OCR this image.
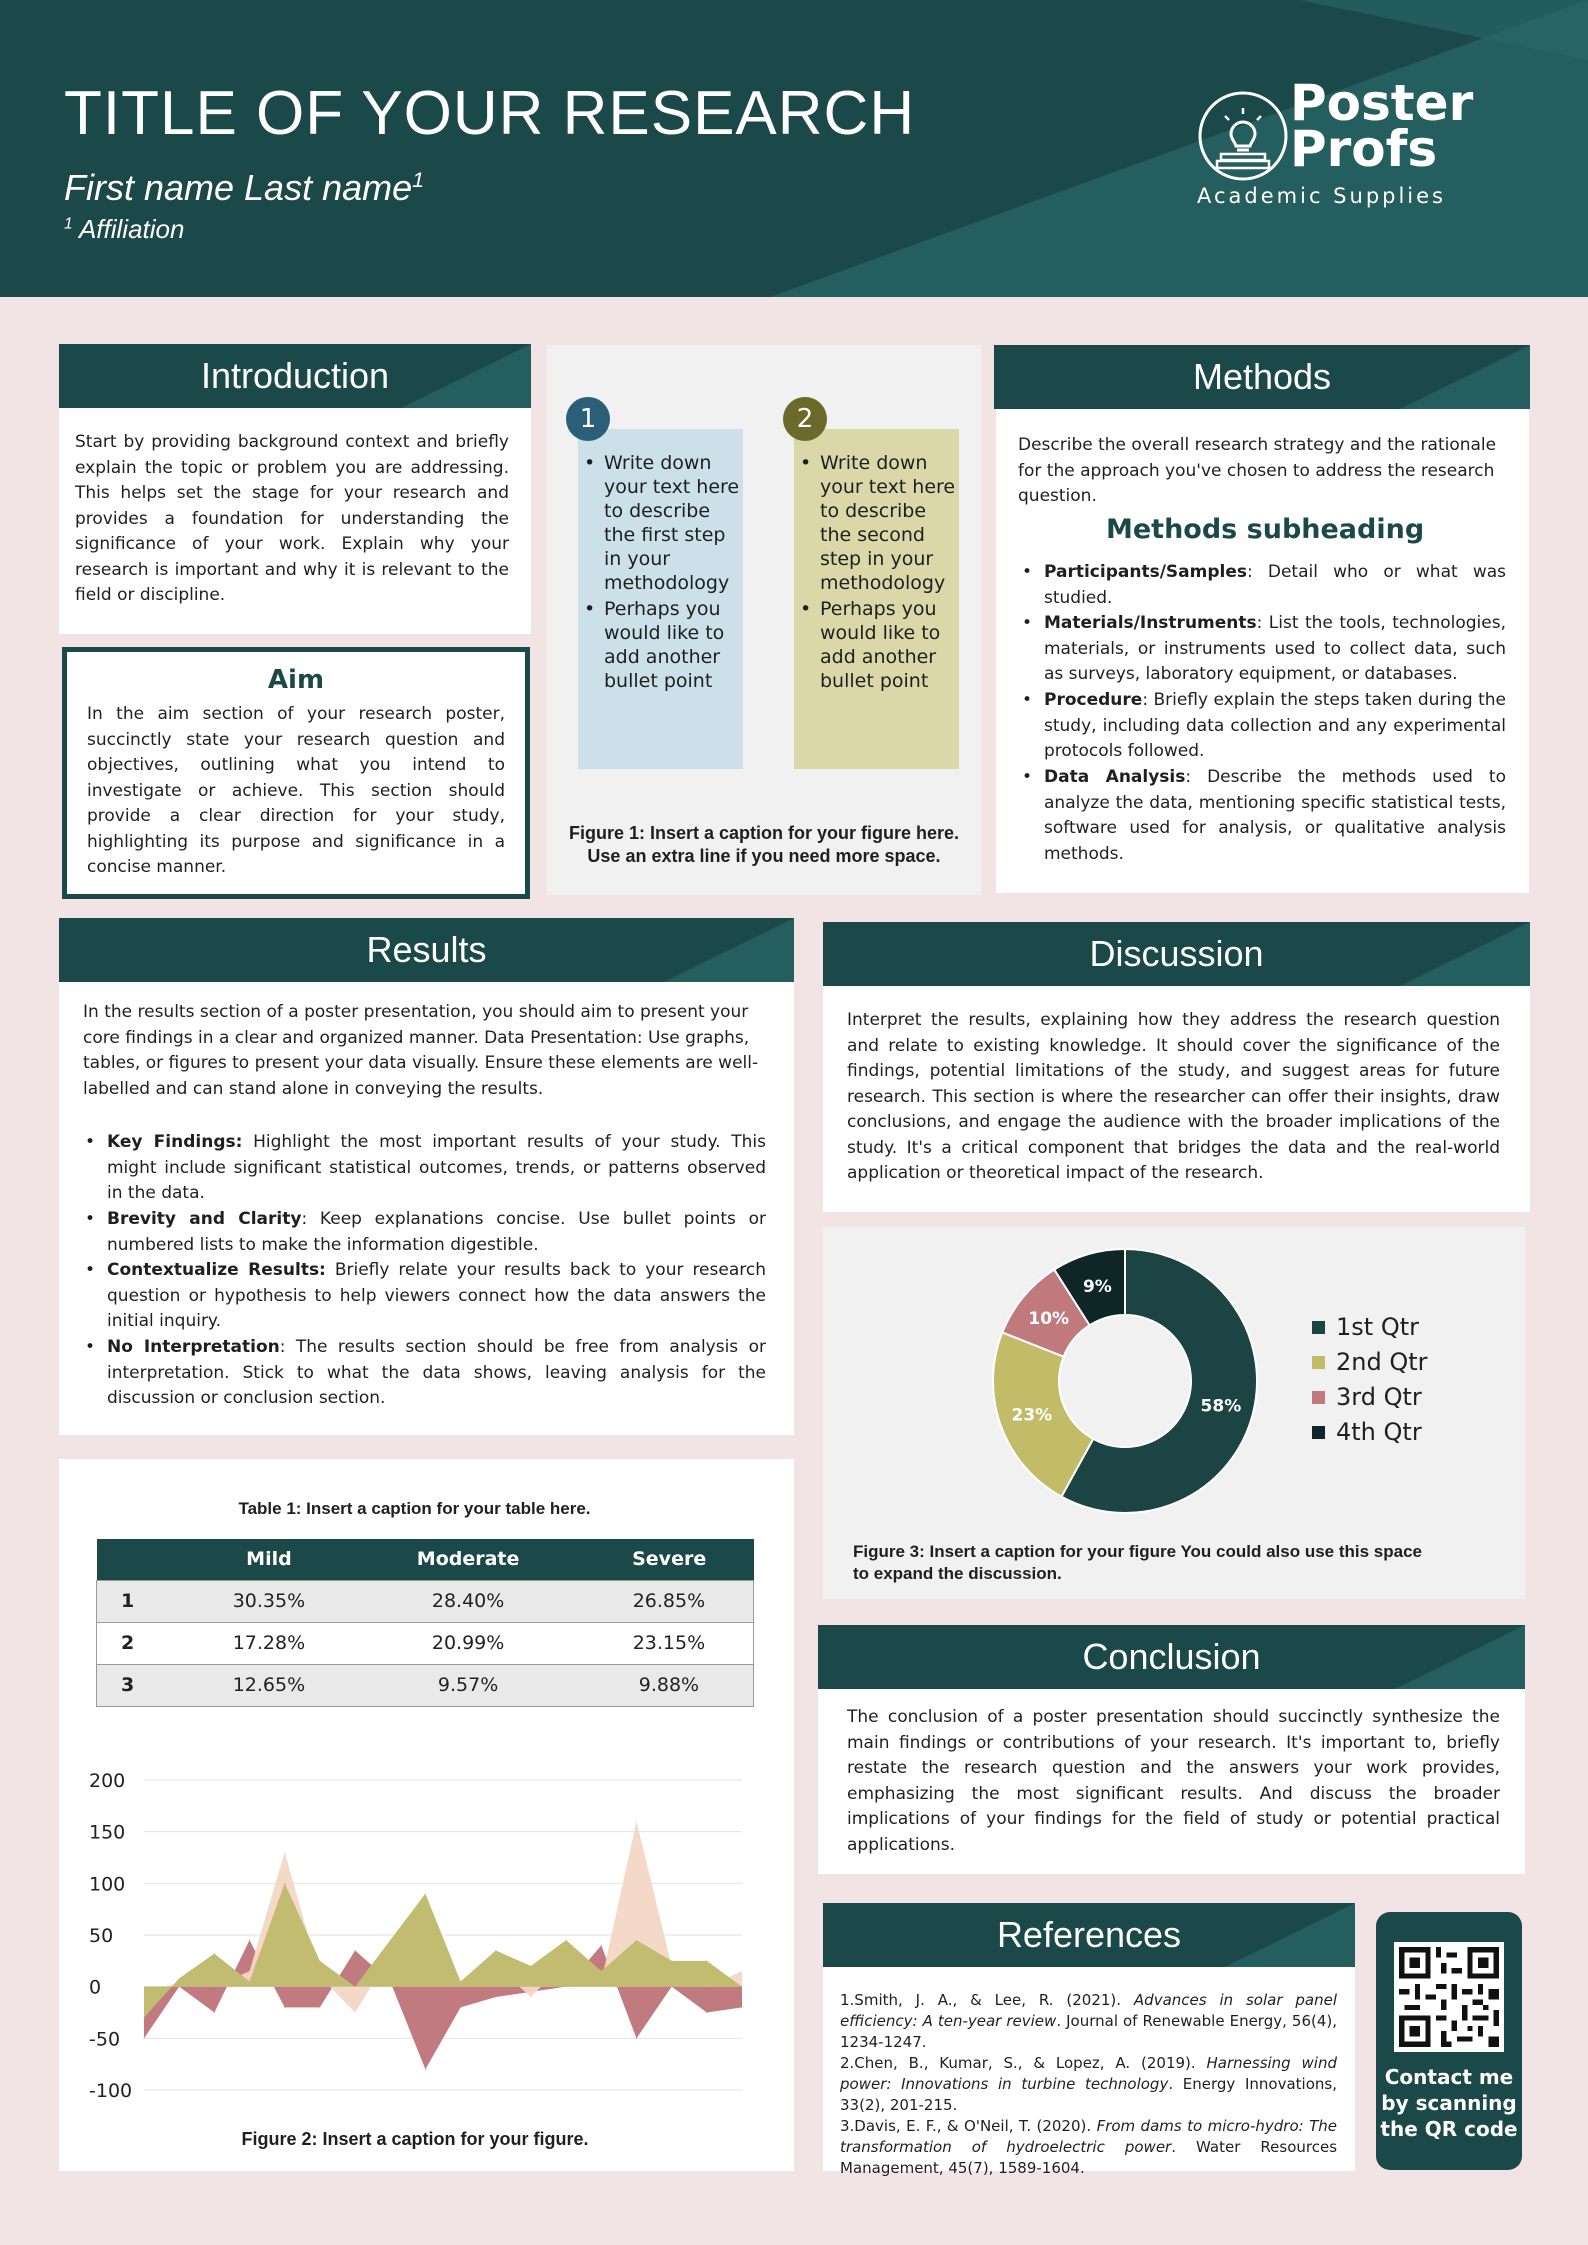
TITLE OF YOUR RESEARCH
First name Last name$^1$
$^1$ Affiliation
Poster
Profs
Academic Supplies
Introduction
Start by providing background context and briefly explain the topic or problem you are addressing. This helps set the stage for your research and provides a foundation for understanding the significance of your work. Explain why your research is important and why it is relevant to the field or discipline.
Aim
In the aim section of your research poster, succinctly state your research question and objectives, outlining what you intend to investigate or achieve. This section should provide a clear direction for your study, highlighting its purpose and significance in a concise manner.
1
• Write down your text here to describe the first step in your methodology
• Perhaps you would like to add another bullet point
2
• Write down your text here to describe the second step in your methodology
• Perhaps you would like to add another bullet point
Figure 1: Insert a caption for your figure here.
Use an extra line if you need more space.
Methods
Describe the overall research strategy and the rationale for the approach you've chosen to address the research question.
• Participants/Samples: Detail who or what was studied.
• Materials/Instruments: List the tools, technologies, materials, or instruments used to collect data, such as surveys, laboratory equipment, or databases.
• Procedure: Briefly explain the steps taken during the study, including data collection and any experimental protocols followed.
• Data Analysis: Describe the methods used to analyze the data, mentioning specific statistical tests, software used for analysis, or qualitative analysis methods.
Methods subheading
Results
In the results section of a poster presentation, you should aim to present your core findings in a clear and organized manner. Data Presentation: Use graphs, tables, or figures to present your data visually. Ensure these elements are well-labelled and can stand alone in conveying the results.
• Key Findings: Highlight the most important results of your study. This might include significant statistical outcomes, trends, or patterns observed in the data.
• Brevity and Clarity: Keep explanations concise. Use bullet points or numbered lists to make the information digestible.
• Contextualize Results: Briefly relate your results back to your research question or hypothesis to help viewers connect how the data answers the initial inquiry.
• No Interpretation: The results section should be free from analysis or interpretation. Stick to what the data shows, leaving analysis for the discussion or conclusion section.
Table 1: Insert a caption for your table here.
	Mild	Moderate	Severe
1	30.35%	28.40%	26.85%
2	17.28%	20.99%	23.15%
3	12.65%	9.57%	9.88%
200
150
100
50
0
-50
-100
Figure 2: Insert a caption for your figure.
Discussion
Interpret the results, explaining how they address the research question and relate to existing knowledge. It should cover the significance of the findings, potential limitations of the study, and suggest areas for future research. This section is where the researcher can offer their insights, draw conclusions, and engage the audience with the broader implications of the study. It's a critical component that bridges the data and the real-world application or theoretical impact of the research.
58%
23%
10%
9%
1st Qtr
2nd Qtr
3rd Qtr
4th Qtr
Figure 3: Insert a caption for your figure You could also use this space
to expand the discussion.
Conclusion
The conclusion of a poster presentation should succinctly synthesize the main findings or contributions of your research. It's important to, briefly restate the research question and the answers your work provides, emphasizing the most significant results. And discuss the broader implications of your findings for the field of study or potential practical applications.
References
1.Smith, J. A., & Lee, R. (2021). Advances in solar panel efficiency: A ten-year review. Journal of Renewable Energy, 56(4), 1234-1247.
2.Chen, B., Kumar, S., & Lopez, A. (2019). Harnessing wind power: Innovations in turbine technology. Energy Innovations, 33(2), 201-215.
3.Davis, E. F., & O'Neil, T. (2020). From dams to micro-hydro: The transformation of hydroelectric power. Water Resources Management, 45(7), 1589-1604.
Contact me
by scanning
the QR code
